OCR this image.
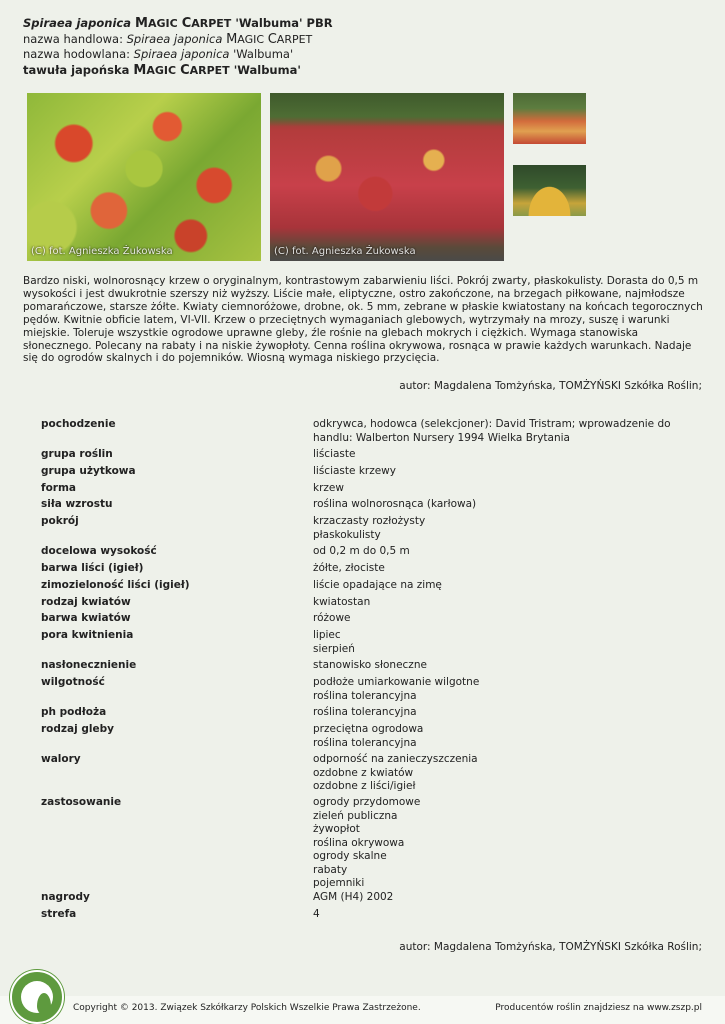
Spiraea japonica MAGIC CARPET 'Walbuma' PBR
nazwa handlowa: Spiraea japonica MAGIC CARPET
nazwa hodowlana: Spiraea japonica 'Walbuma'
tawuła japońska MAGIC CARPET 'Walbuma'
(C) fot. Agnieszka Żukowska	(C) fot. Agnieszka Żukowska
Bardzo niski, wolnorosnący krzew o oryginalnym, kontrastowym zabarwieniu liści. Pokrój zwarty, płaskokulisty. Dorasta do 0,5 m wysokości i jest dwukrotnie szerszy niż wyższy. Liście małe, eliptyczne, ostro zakończone, na brzegach piłkowane, najmłodsze pomarańczowe, starsze żółte. Kwiaty ciemnoróżowe, drobne, ok. 5 mm, zebrane w płaskie kwiatostany na końcach tegorocznych pędów. Kwitnie obficie latem, VI-VII. Krzew o przeciętnych wymaganiach glebowych, wytrzymały na mrozy, suszę i warunki miejskie. Toleruje wszystkie ogrodowe uprawne gleby, źle rośnie na glebach mokrych i ciężkich. Wymaga stanowiska słonecznego. Polecany na rabaty i na niskie żywopłoty. Cenna roślina okrywowa, rosnąca w prawie każdych warunkach. Nadaje się do ogrodów skalnych i do pojemników. Wiosną wymaga niskiego przycięcia.
autor: Magdalena Tomżyńska, TOMŻYŃSKI Szkółka Roślin;
pochodzenie	odkrywca, hodowca (selekcjoner): David Tristram; wprowadzenie do handlu: Walberton Nursery 1994 Wielka Brytania
grupa roślin	liściaste
grupa użytkowa	liściaste krzewy
forma	krzew
siła wzrostu	roślina wolnorosnąca (karłowa)
pokrój	krzaczasty rozłożysty
płaskokulisty
docelowa wysokość	od 0,2 m do 0,5 m
barwa liści (igieł)	żółte, złociste
zimozieloność liści (igieł)	liście opadające na zimę
rodzaj kwiatów	kwiatostan
barwa kwiatów	różowe
pora kwitnienia	lipiec
sierpień
nasłonecznienie	stanowisko słoneczne
wilgotność	podłoże umiarkowanie wilgotne
roślina tolerancyjna
ph podłoża	roślina tolerancyjna
rodzaj gleby	przeciętna ogrodowa
roślina tolerancyjna
walory	odporność na zanieczyszczenia
ozdobne z kwiatów
ozdobne z liści/igieł
zastosowanie	ogrody przydomowe
zieleń publiczna
żywopłot
roślina okrywowa
ogrody skalne
rabaty
pojemniki
nagrody	AGM (H4) 2002
strefa	4
autor: Magdalena Tomżyńska, TOMŻYŃSKI Szkółka Roślin;
Copyright © 2013. Związek Szkółkarzy Polskich Wszelkie Prawa Zastrzeżone.	Producentów roślin znajdziesz na www.zszp.pl
